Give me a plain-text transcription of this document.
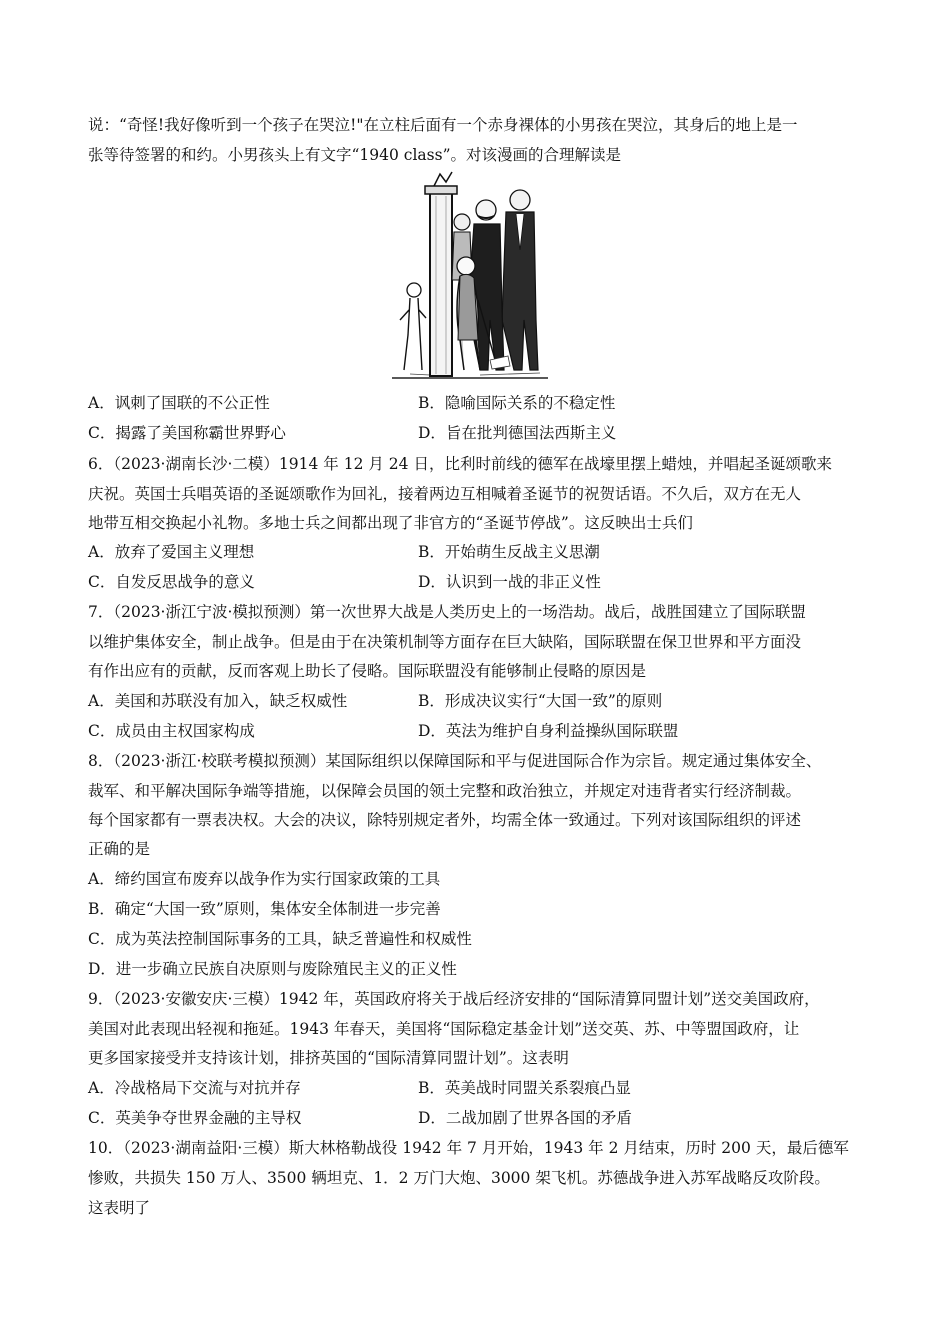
说：“奇怪!我好像听到一个孩子在哭泣!"在立柱后面有一个赤身裸体的小男孩在哭泣，其身后的地上是一
张等待签署的和约。小男孩头上有文字“1940 class”。对该漫画的合理解读是
A．讽刺了国联的不公正性	B．隐喻国际关系的不稳定性
C．揭露了美国称霸世界野心	D．旨在批判德国法西斯主义
6．（2023·湖南长沙·二模）1914 年 12 月 24 日，比利时前线的德军在战壕里摆上蜡烛，并唱起圣诞颂歌来
庆祝。英国士兵唱英语的圣诞颂歌作为回礼，接着两边互相喊着圣诞节的祝贺话语。不久后，双方在无人
地带互相交换起小礼物。多地士兵之间都出现了非官方的“圣诞节停战”。这反映出士兵们
A．放弃了爱国主义理想	B．开始萌生反战主义思潮
C．自发反思战争的意义	D．认识到一战的非正义性
7．（2023·浙江宁波·模拟预测）第一次世界大战是人类历史上的一场浩劫。战后，战胜国建立了国际联盟
以维护集体安全，制止战争。但是由于在决策机制等方面存在巨大缺陷，国际联盟在保卫世界和平方面没
有作出应有的贡献，反而客观上助长了侵略。国际联盟没有能够制止侵略的原因是
A．美国和苏联没有加入，缺乏权威性	B．形成决议实行“大国一致”的原则
C．成员由主权国家构成	D．英法为维护自身利益操纵国际联盟
8．（2023·浙江·校联考模拟预测）某国际组织以保障国际和平与促进国际合作为宗旨。规定通过集体安全、
裁军、和平解决国际争端等措施，以保障会员国的领土完整和政治独立，并规定对违背者实行经济制裁。
每个国家都有一票表决权。大会的决议，除特别规定者外，均需全体一致通过。下列对该国际组织的评述
正确的是
A．缔约国宣布废弃以战争作为实行国家政策的工具
B．确定“大国一致”原则，集体安全体制进一步完善
C．成为英法控制国际事务的工具，缺乏普遍性和权威性
D．进一步确立民族自决原则与废除殖民主义的正义性
9．（2023·安徽安庆·三模）1942 年，英国政府将关于战后经济安排的“国际清算同盟计划”送交美国政府，
美国对此表现出轻视和拖延。1943 年春天，美国将“国际稳定基金计划”送交英、苏、中等盟国政府，让
更多国家接受并支持该计划，排挤英国的“国际清算同盟计划”。这表明
A．冷战格局下交流与对抗并存	B．英美战时同盟关系裂痕凸显
C．英美争夺世界金融的主导权	D．二战加剧了世界各国的矛盾
10．（2023·湖南益阳·三模）斯大林格勒战役 1942 年 7 月开始，1943 年 2 月结束，历时 200 天，最后德军
惨败，共损失 150 万人、3500 辆坦克、1．2 万门大炮、3000 架飞机。苏德战争进入苏军战略反攻阶段。
这表明了
